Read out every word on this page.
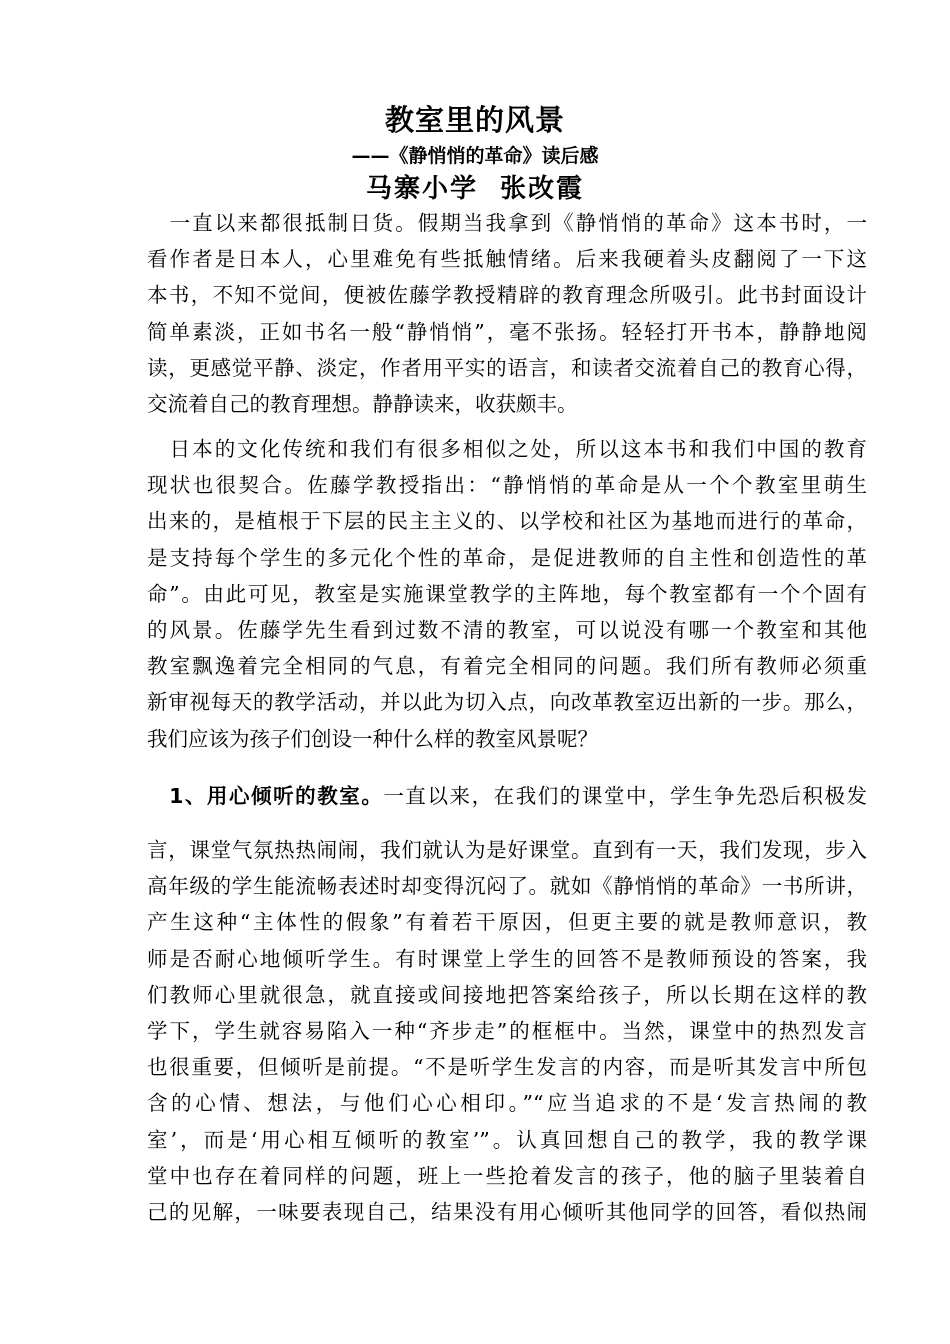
教室里的风景
——《静悄悄的革命》读后感
马寨小学 张改霞
　一直以来都很抵制日货。假期当我拿到《静悄悄的革命》这本书时，一
看作者是日本人，心里难免有些抵触情绪。后来我硬着头皮翻阅了一下这
本书，不知不觉间，便被佐藤学教授精辟的教育理念所吸引。此书封面设计
简单素淡，正如书名一般“静悄悄”，毫不张扬。轻轻打开书本，静静地阅
读，更感觉平静、淡定，作者用平实的语言，和读者交流着自己的教育心得，
交流着自己的教育理想。静静读来，收获颇丰。
　日本的文化传统和我们有很多相似之处，所以这本书和我们中国的教育
现状也很契合。佐藤学教授指出：“静悄悄的革命是从一个个教室里萌生
出来的，是植根于下层的民主主义的、以学校和社区为基地而进行的革命，
是支持每个学生的多元化个性的革命，是促进教师的自主性和创造性的革
命”。由此可见，教室是实施课堂教学的主阵地，每个教室都有一个个固有
的风景。佐藤学先生看到过数不清的教室，可以说没有哪一个教室和其他
教室飘逸着完全相同的气息，有着完全相同的问题。我们所有教师必须重
新审视每天的教学活动，并以此为切入点，向改革教室迈出新的一步。那么，
我们应该为孩子们创设一种什么样的教室风景呢？
　1、用心倾听的教室。一直以来，在我们的课堂中，学生争先恐后积极发
言，课堂气氛热热闹闹，我们就认为是好课堂。直到有一天，我们发现，步入
高年级的学生能流畅表述时却变得沉闷了。就如《静悄悄的革命》一书所讲，
产生这种“主体性的假象”有着若干原因，但更主要的就是教师意识，教
师是否耐心地倾听学生。有时课堂上学生的回答不是教师预设的答案，我
们教师心里就很急，就直接或间接地把答案给孩子，所以长期在这样的教
学下，学生就容易陷入一种“齐步走”的框框中。当然，课堂中的热烈发言
也很重要，但倾听是前提。“不是听学生发言的内容，而是听其发言中所包
含的心情、想法，与他们心心相印。”“应当追求的不是‘发言热闹的教
室’，而是‘用心相互倾听的教室’”。认真回想自己的教学，我的教学课
堂中也存在着同样的问题，班上一些抢着发言的孩子，他的脑子里装着自
己的见解，一味要表现自己，结果没有用心倾听其他同学的回答，看似热闹
